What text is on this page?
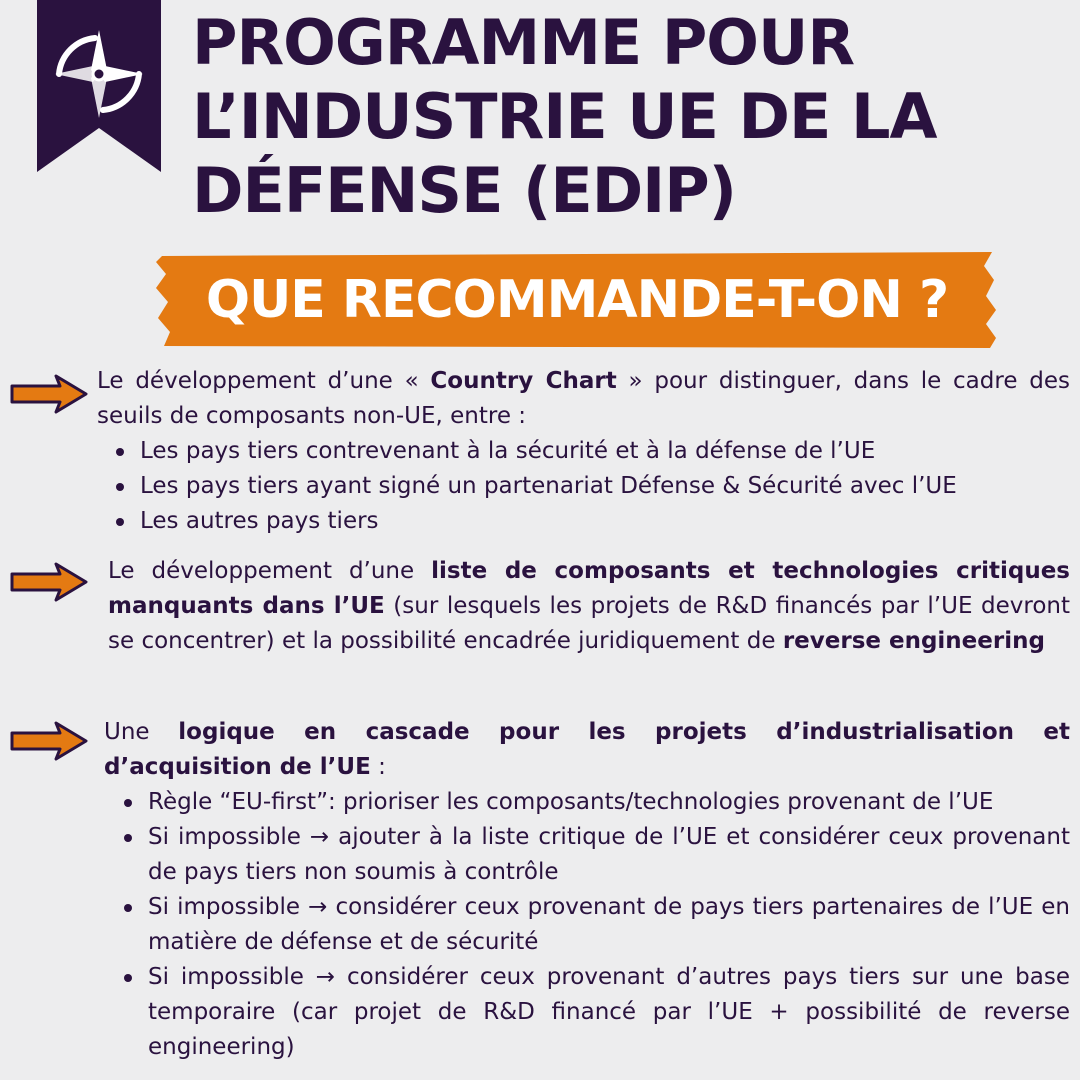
PROGRAMME POUR
L’INDUSTRIE UE DE LA
DÉFENSE (EDIP)
QUE RECOMMANDE-T-ON ?

Le développement d’une « Country Chart » pour distinguer, dans le cadre des seuils de composants non-UE, entre :

Les pays tiers contrevenant à la sécurité et à la défense de l’UE
Les pays tiers ayant signé un partenariat Défense & Sécurité avec l’UE
Les autres pays tiers

Le développement d’une liste de composants et technologies critiques manquants dans l’UE (sur lesquels les projets de R&D financés par l’UE devront se concentrer) et la possibilité encadrée juridiquement de reverse engineering

Une logique en cascade pour les projets d’industrialisation et d’acquisition de l’UE :

Règle “EU-first”: prioriser les composants/technologies provenant de l’UE
Si impossible → ajouter à la liste critique de l’UE et considérer ceux provenant de pays tiers non soumis à contrôle
Si impossible → considérer ceux provenant de pays tiers partenaires de l’UE en matière de défense et de sécurité
Si impossible → considérer ceux provenant d’autres pays tiers sur une base temporaire (car projet de R&D financé par l’UE + possibilité de reverse engineering)
